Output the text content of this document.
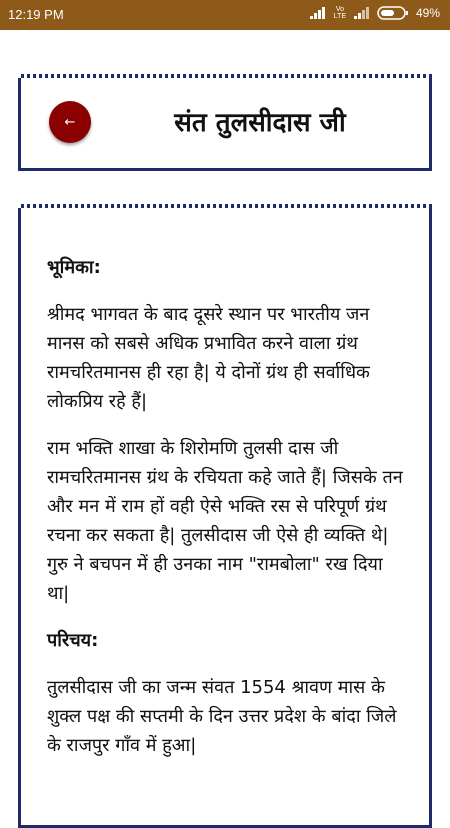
12:19 PM	Vo LTE	49%
←	संत तुलसीदास जी

भूमिका:

श्रीमद भागवत के बाद दूसरे स्थान पर भारतीय जन मानस को सबसे अधिक प्रभावित करने वाला ग्रंथ रामचरितमानस ही रहा है| ये दोनों ग्रंथ ही सर्वाधिक लोकप्रिय रहे हैं|

राम भक्ति शाखा के शिरोमणि तुलसी दास जी रामचरितमानस ग्रंथ के रचियता कहे जाते हैं| जिसके तन और मन में राम हों वही ऐसे भक्ति रस से परिपूर्ण ग्रंथ रचना कर सकता है| तुलसीदास जी ऐसे ही व्यक्ति थे| गुरु ने बचपन में ही उनका नाम "रामबोला" रख दिया था|

परिचय:

तुलसीदास जी का जन्म संवत 1554 श्रावण मास के शुक्ल पक्ष की सप्तमी के दिन उत्तर प्रदेश के बांदा जिले के राजपुर गाँव में हुआ|
